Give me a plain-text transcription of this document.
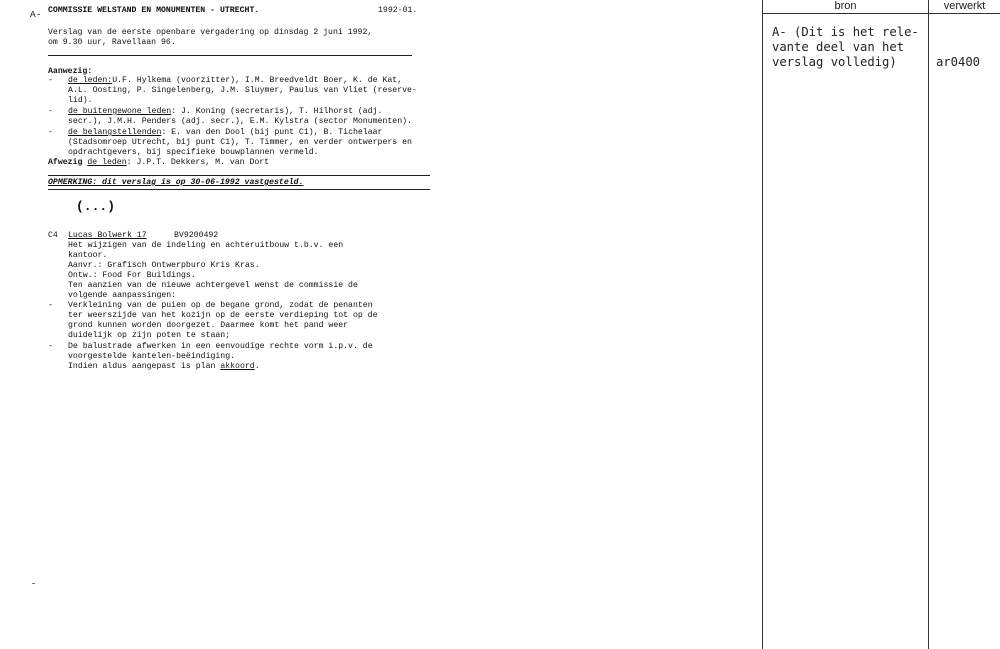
A- COMMISSIE WELSTAND EN MONUMENTEN - UTRECHT.	1992-01.
Verslag van de eerste openbare vergadering op dinsdag 2 juni 1992,
om 9.30 uur, Ravellaan 96.
Aanwezig:
- de leden:U.F. Hylkema (voorzitter), I.M. Breedveldt Boer, K. de Kat,
A.L. Oosting, P. Singelenberg, J.M. Sluymer, Paulus van Vliet (reserve-
lid).
- de buitengewone leden: J. Koning (secretaris), T. Hilhorst (adj.
secr.), J.M.H. Penders (adj. secr.), E.M. Kylstra (sector Monumenten).
- de belangstellenden: E. van den Dool (bij punt C1), B. Tichelaar
(Stadsomroep Utrecht, bij punt C1), T. Timmer, en verder ontwerpers en
opdrachtgevers, bij specifieke bouwplannen vermeld.
Afwezig de leden: J.P.T. Dekkers, M. van Dort
OPMERKING: dit verslag is op 30-06-1992 vastgesteld.
(...)
C4 Lucas Bolwerk 17	BV9200492
Het wijzigen van de indeling en achteruitbouw t.b.v. een
kantoor.
Aanvr.: Grafisch Ontwerpburo Kris Kras.
Ontw.: Food For Buildings.
Ten aanzien van de nieuwe achtergevel wenst de commissie de
volgende aanpassingen:
- Verkleining van de puien op de begane grond, zodat de penanten
ter weerszijde van het kozijn op de eerste verdieping tot op de
grond kunnen worden doorgezet. Daarmee komt het pand weer
duidelijk op zijn poten te staan;
- De balustrade afwerken in een eenvoudige rechte vorm i.p.v. de
voorgestelde kantelen-beëindiging.
Indien aldus aangepast is plan akkoord.
bron	verwerkt
A- (Dit is het rele-
vante deel van het
verslag volledig)	ar0400
